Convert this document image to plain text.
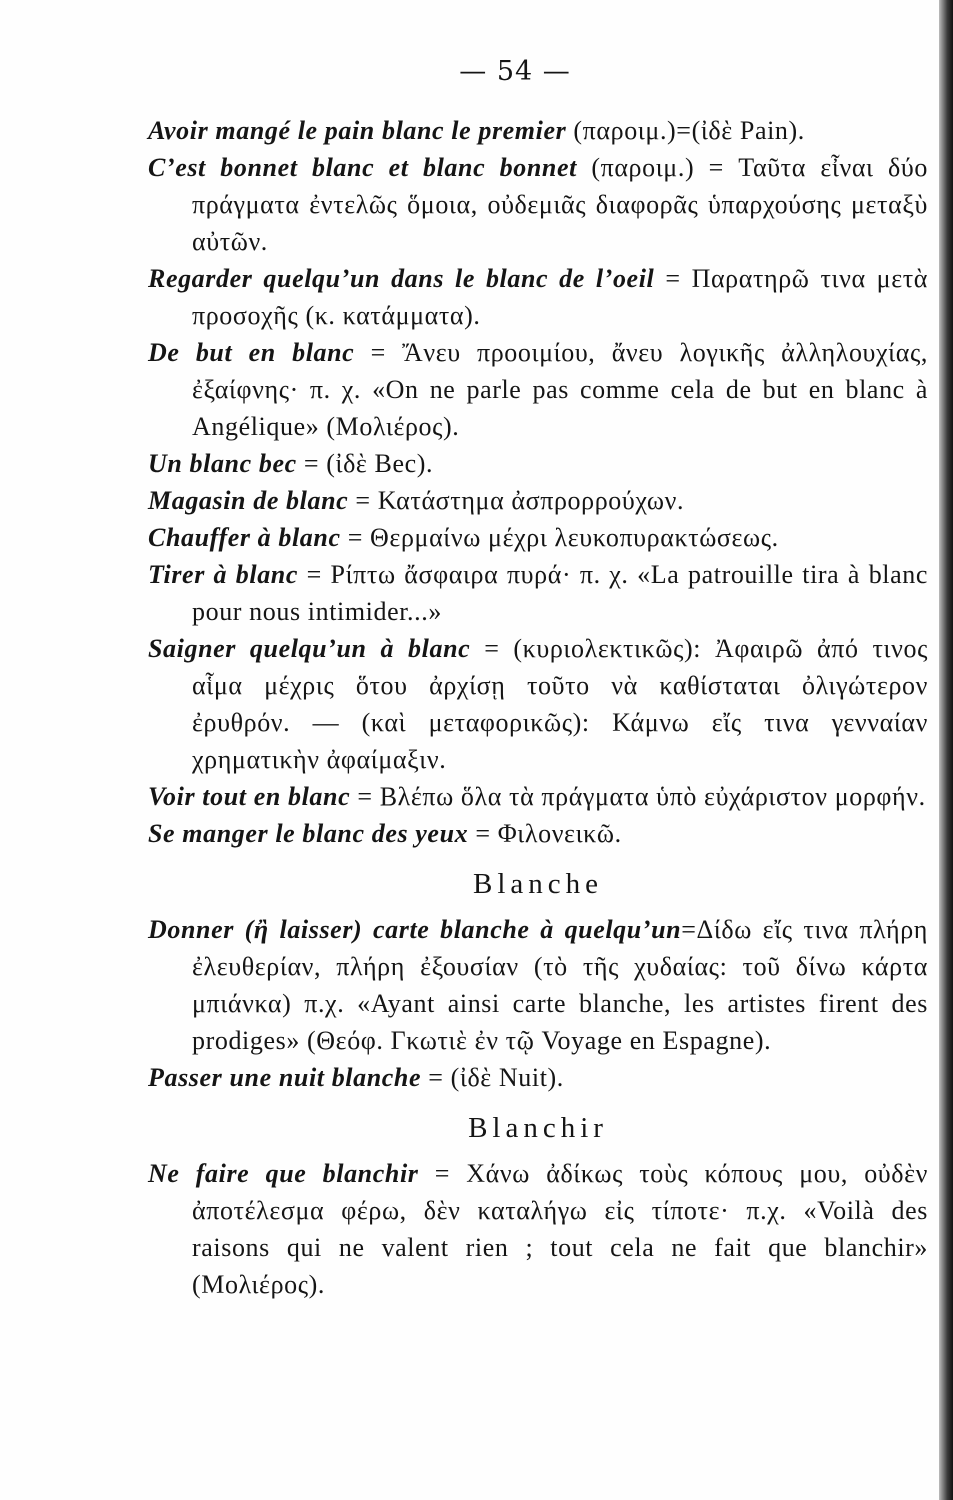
— 54 —

Avoir mangé le pain blanc le premier (παροιμ.)=(ἰδὲ Pain).

C’est bonnet blanc et blanc bonnet (παροιμ.) = Ταῦτα εἶναι δύο πράγματα ἐντελῶς ὅμοια, οὐδεμιᾶς διαφορᾶς ὑπαρχούσης μεταξὺ αὐτῶν.

Regarder quelqu’un dans le blanc de l’oeil = Παρατηρῶ τινα μετὰ προσοχῆς (κ. κατάμματα).

De but en blanc = Ἄνευ προοιμίου, ἄνευ λογικῆς ἀλληλουχίας, ἐξαίφνης· π. χ. «On ne parle pas comme cela de but en blanc à Angélique» (Μολιέρος).

Un blanc bec = (ἰδὲ Bec).

Magasin de blanc = Κατάστημα ἀσπρορρούχων.

Chauffer à blanc = Θερμαίνω μέχρι λευκοπυρακτώσεως.

Tirer à blanc = Ρίπτω ἄσφαιρα πυρά· π. χ. «La patrouille tira à blanc pour nous intimider...»

Saigner quelqu’un à blanc = (κυριολεκτικῶς): Ἀφαιρῶ ἀπό τινος αἷμα μέχρις ὅτου ἀρχίσῃ τοῦτο νὰ καθίσταται ὀλιγώτερον ἐρυθρόν. — (καὶ μεταφορικῶς): Κάμνω εἴς τινα γενναίαν χρηματικὴν ἀφαίμαξιν.

Voir tout en blanc = Βλέπω ὅλα τὰ πράγματα ὑπὸ εὐχάριστον μορφήν.

Se manger le blanc des yeux = Φιλονεικῶ.

Blanche

Donner (ἢ laisser) carte blanche à quelqu’un=Δίδω εἴς τινα πλήρη ἐλευθερίαν, πλήρη ἐξουσίαν (τὸ τῆς χυδαίας: τοῦ δίνω κάρτα μπιάνκα) π.χ. «Ayant ainsi carte blanche, les artistes firent des prodiges» (Θεόφ. Γκωτιὲ ἐν τῷ Voyage en Espagne).

Passer une nuit blanche = (ἰδὲ Nuit).

Blanchir

Ne faire que blanchir = Χάνω ἀδίκως τοὺς κόπους μου, οὐδὲν ἀποτέλεσμα φέρω, δὲν καταλήγω εἰς τίποτε· π.χ. «Voilà des raisons qui ne valent rien ; tout cela ne fait que blanchir» (Μολιέρος).
